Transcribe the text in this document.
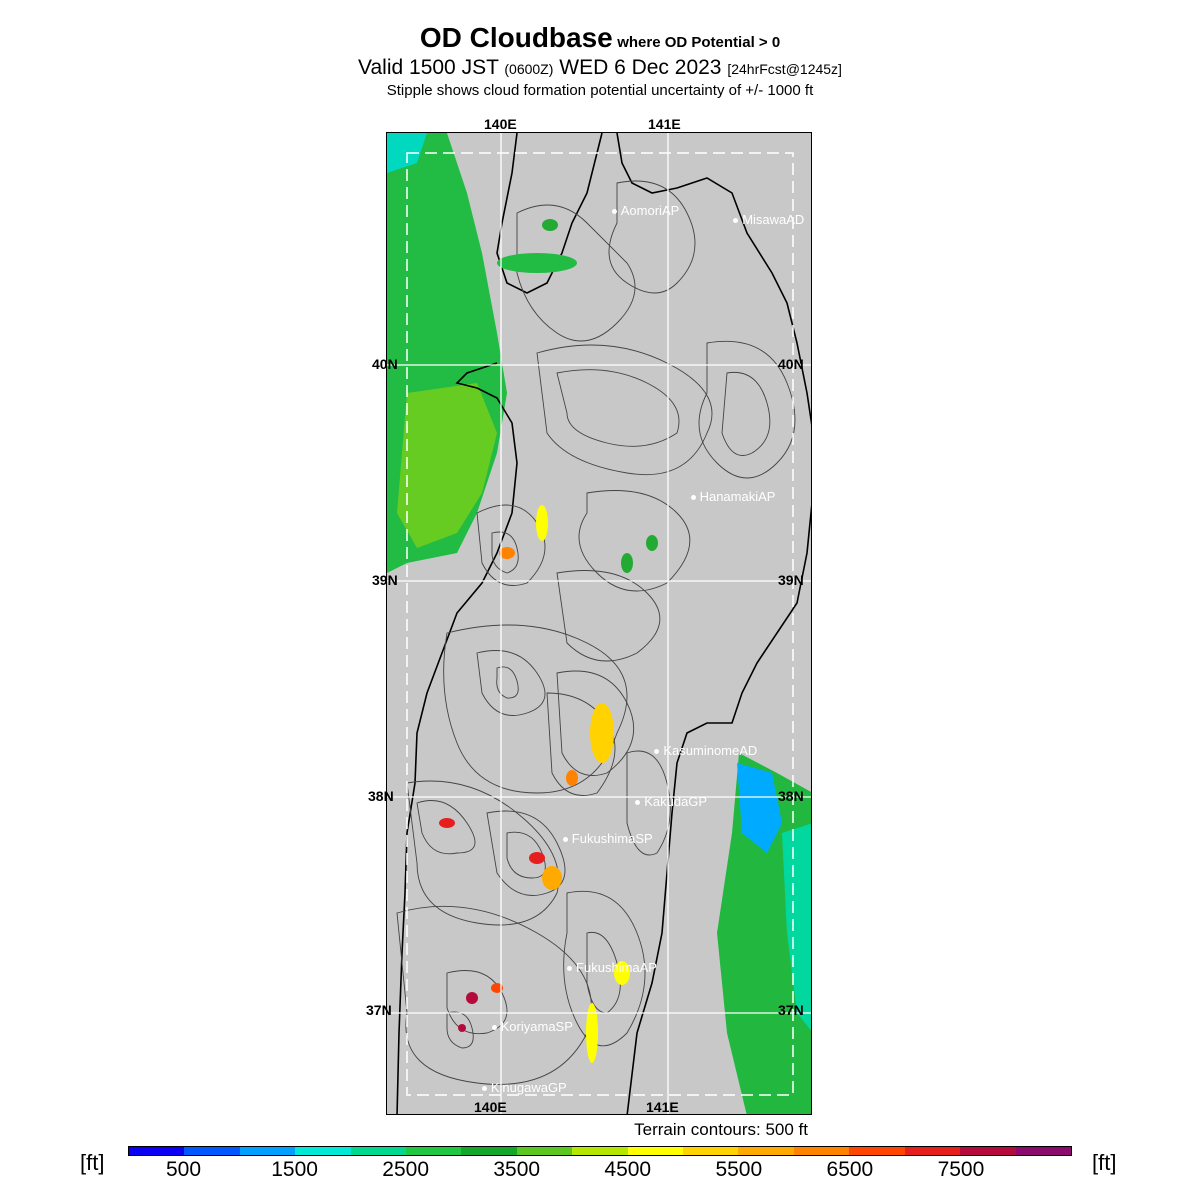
OD Cloudbase where OD Potential > 0
Valid 1500 JST (0600Z) WED 6 Dec 2023 [24hrFcst@1245z]
Stipple shows cloud formation potential uncertainty of +/- 1000 ft
140E	141E
140E	141E
40N
39N
38N
37N
40N
39N
38N
37N
AomoriAP
MisawaAD
HanamakiAP
KasuminomeAD
KakudaGP
FukushimaSP
FukushimaAP
KoriyamaSP
KinugawaGP
Terrain contours: 500 ft
[ft]	[ft]
500	1500	2500	3500	4500	5500	6500	7500
